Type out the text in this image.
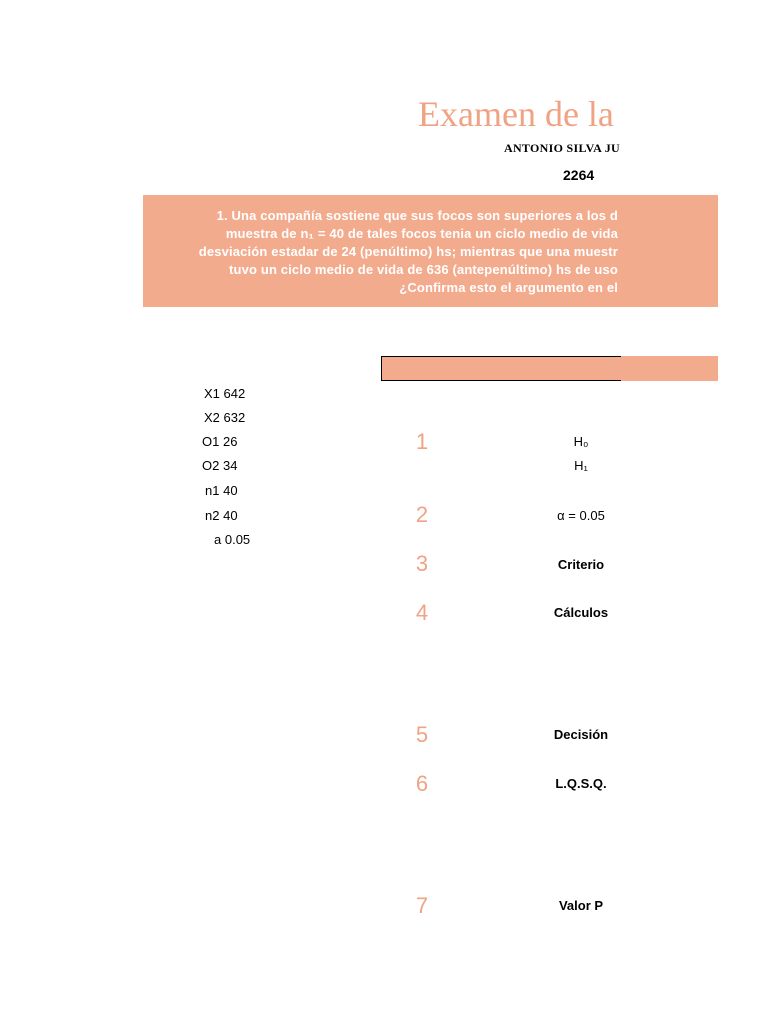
Examen de la
ANTONIO SILVA JU
2264
1. Una compañía sostiene que sus focos son superiores a los d
muestra de n₁ = 40 de tales focos tenia un ciclo medio de vida
desviación estadar de 24 (penúltimo) hs; mientras que una muestr
tuvo un ciclo medio de vida de 636 (antepenúltimo) hs de uso
¿Confirma esto el argumento en el
X1 642
X2 632
O1 26
O2 34
n1 40
n2 40
a 0.05
1	H₀
H₁
2	α = 0.05
3	Criterio
4	Cálculos
5	Decisión
6	L.Q.S.Q.
7	Valor P
